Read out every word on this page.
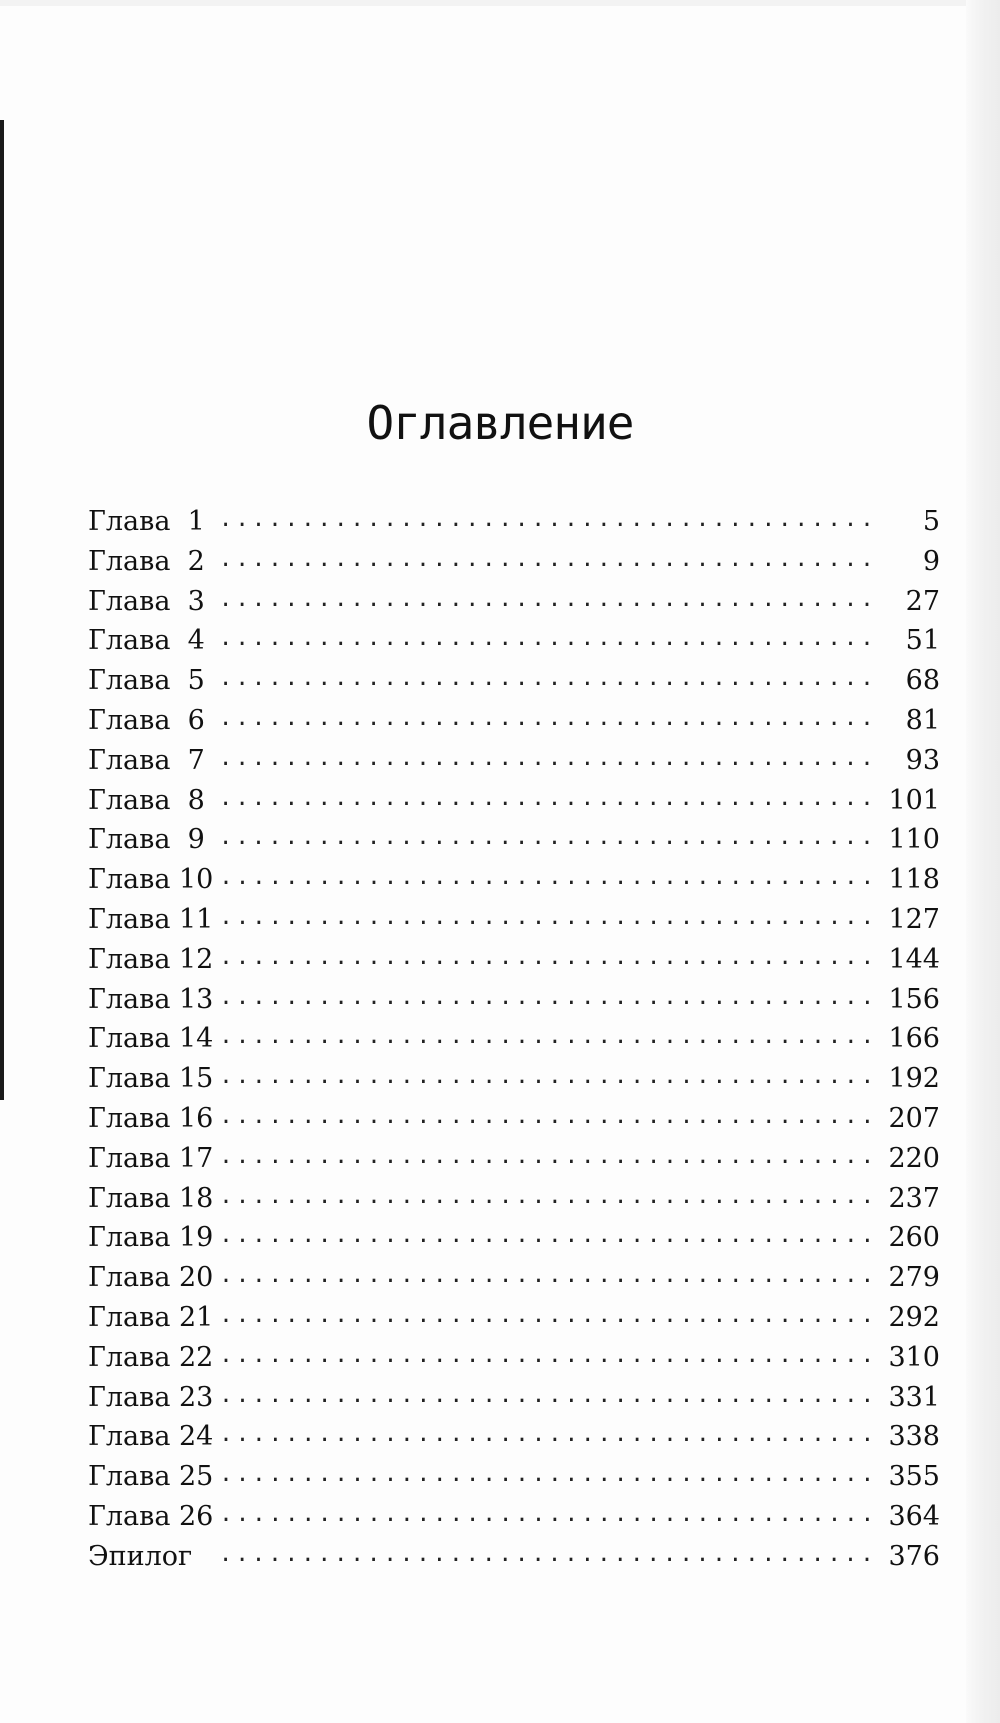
Оглавление
Глава  1 .....	5
Глава  2 .....	9
Глава  3 .....	27
Глава  4 .....	51
Глава  5 .....	68
Глава  6 .....	81
Глава  7 .....	93
Глава  8 .....	101
Глава  9 .....	110
Глава 10 .....	118
Глава 11 .....	127
Глава 12 .....	144
Глава 13 .....	156
Глава 14 .....	166
Глава 15 .....	192
Глава 16 .....	207
Глава 17 .....	220
Глава 18 .....	237
Глава 19 .....	260
Глава 20 .....	279
Глава 21 .....	292
Глава 22 .....	310
Глава 23 .....	331
Глава 24 .....	338
Глава 25 .....	355
Глава 26 .....	364
Эпилог .....	376
